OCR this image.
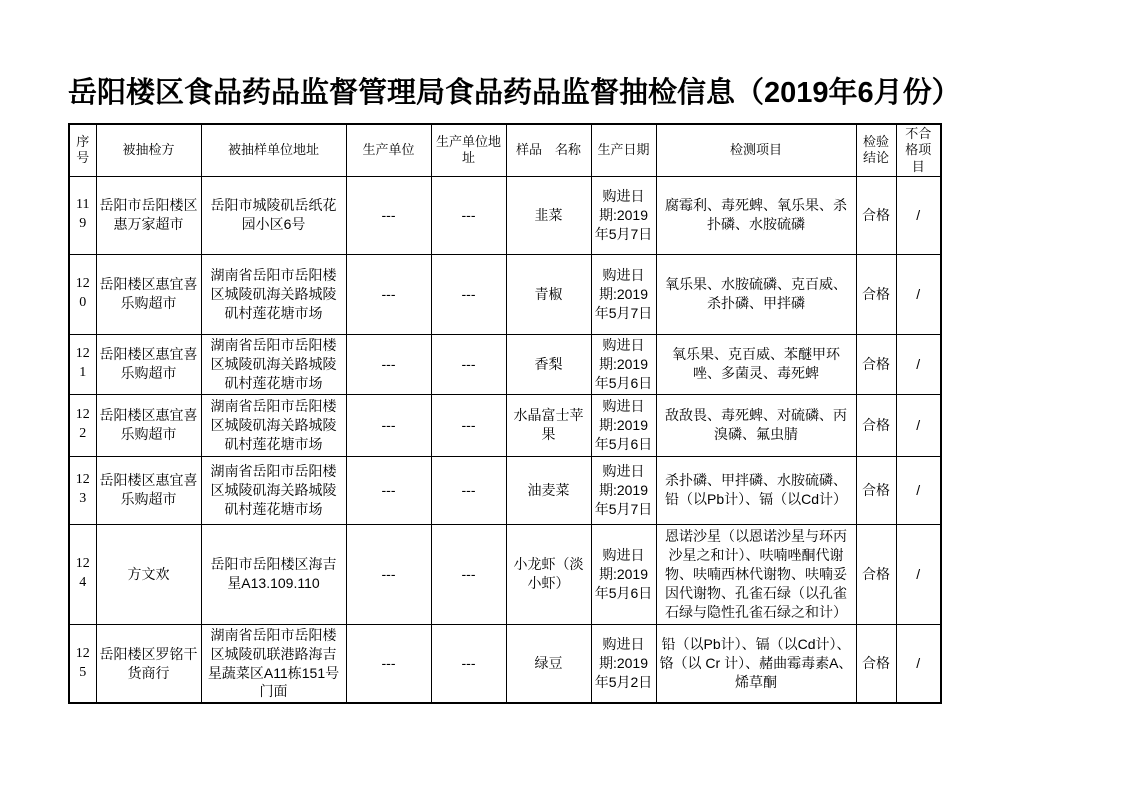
岳阳楼区食品药品监督管理局食品药品监督抽检信息（2019年6月份）
序号	被抽检方	被抽样单位地址	生产单位	生产单位地址	样品　名称	生产日期	检测项目	检验结论	不合格项目
119	岳阳市岳阳楼区惠万家超市	岳阳市城陵矶岳纸花园小区6号	---	---	韭菜	购进日期:2019年5月7日	腐霉利、毒死蜱、氧乐果、杀扑磷、水胺硫磷	合格	/
120	岳阳楼区惠宜喜乐购超市	湖南省岳阳市岳阳楼区城陵矶海关路城陵矶村莲花塘市场	---	---	青椒	购进日期:2019年5月7日	氧乐果、水胺硫磷、克百威、杀扑磷、甲拌磷	合格	/
121	岳阳楼区惠宜喜乐购超市	湖南省岳阳市岳阳楼区城陵矶海关路城陵矶村莲花塘市场	---	---	香梨	购进日期:2019年5月6日	氧乐果、克百威、苯醚甲环唑、多菌灵、毒死蜱	合格	/
122	岳阳楼区惠宜喜乐购超市	湖南省岳阳市岳阳楼区城陵矶海关路城陵矶村莲花塘市场	---	---	水晶富士苹果	购进日期:2019年5月6日	敌敌畏、毒死蜱、对硫磷、丙溴磷、氟虫腈	合格	/
123	岳阳楼区惠宜喜乐购超市	湖南省岳阳市岳阳楼区城陵矶海关路城陵矶村莲花塘市场	---	---	油麦菜	购进日期:2019年5月7日	杀扑磷、甲拌磷、水胺硫磷、铅（以Pb计）、镉（以Cd计）	合格	/
124	方文欢	岳阳市岳阳楼区海吉星A13.109.110	---	---	小龙虾（淡小虾）	购进日期:2019年5月6日	恩诺沙星（以恩诺沙星与环丙沙星之和计）、呋喃唑酮代谢物、呋喃西林代谢物、呋喃妥因代谢物、孔雀石绿（以孔雀石绿与隐性孔雀石绿之和计）	合格	/
125	岳阳楼区罗铭干货商行	湖南省岳阳市岳阳楼区城陵矶联港路海吉星蔬菜区A11栋151号门面	---	---	绿豆	购进日期:2019年5月2日	铅（以Pb计）、镉（以Cd计）、铬（以 Cr 计）、赭曲霉毒素A、烯草酮	合格	/
